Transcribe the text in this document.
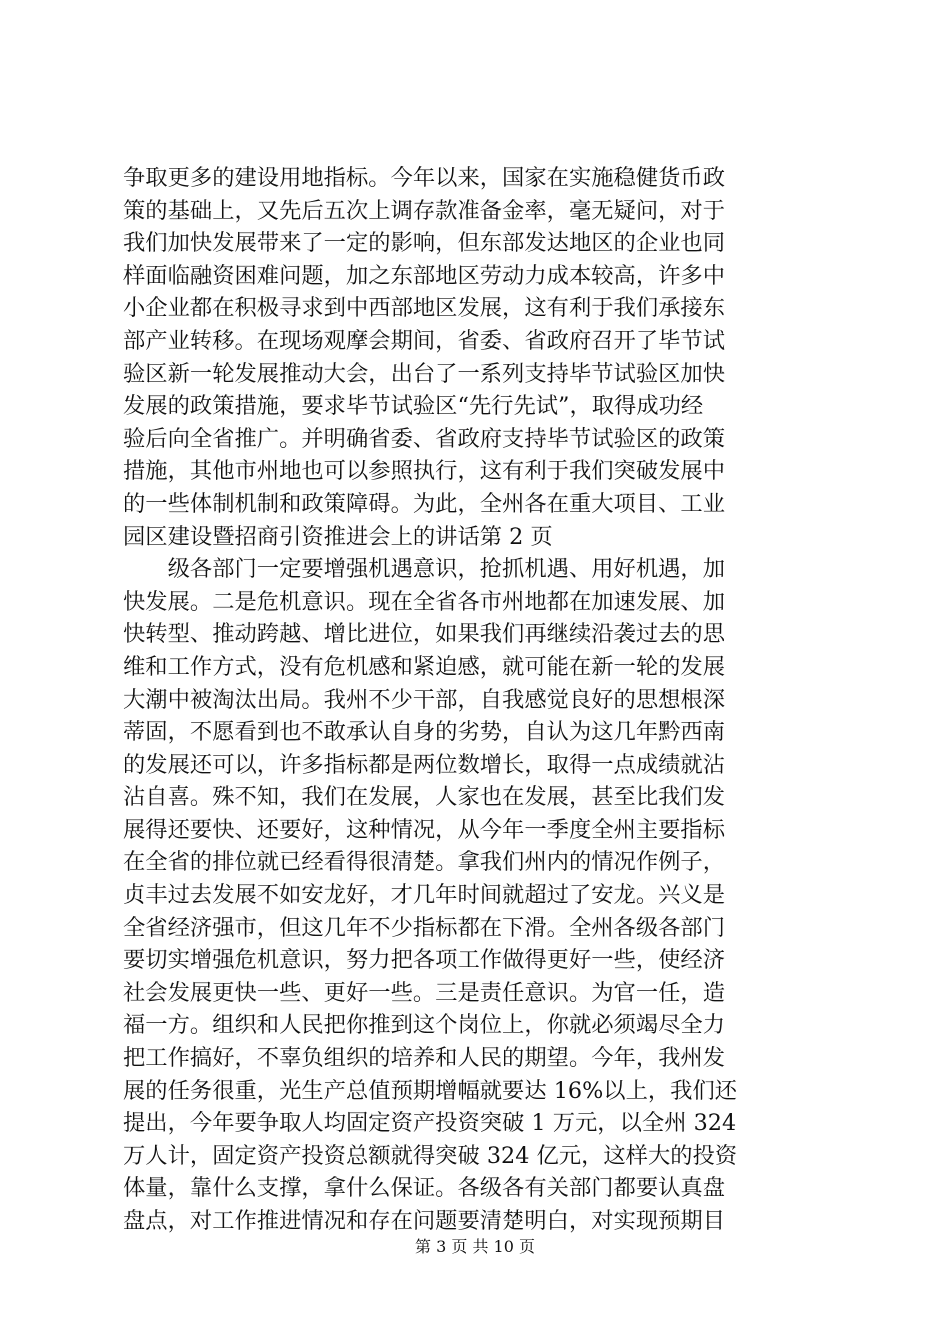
争取更多的建设用地指标。今年以来，国家在实施稳健货币政
策的基础上，又先后五次上调存款准备金率，毫无疑问，对于
我们加快发展带来了一定的影响，但东部发达地区的企业也同
样面临融资困难问题，加之东部地区劳动力成本较高，许多中
小企业都在积极寻求到中西部地区发展，这有利于我们承接东
部产业转移。在现场观摩会期间，省委、省政府召开了毕节试
验区新一轮发展推动大会，出台了一系列支持毕节试验区加快
发展的政策措施，要求毕节试验区“先行先试”，取得成功经
验后向全省推广。并明确省委、省政府支持毕节试验区的政策
措施，其他市州地也可以参照执行，这有利于我们突破发展中
的一些体制机制和政策障碍。为此，全州各在重大项目、工业
园区建设暨招商引资推进会上的讲话第 2 页
　　级各部门一定要增强机遇意识，抢抓机遇、用好机遇，加
快发展。二是危机意识。现在全省各市州地都在加速发展、加
快转型、推动跨越、增比进位，如果我们再继续沿袭过去的思
维和工作方式，没有危机感和紧迫感，就可能在新一轮的发展
大潮中被淘汰出局。我州不少干部，自我感觉良好的思想根深
蒂固，不愿看到也不敢承认自身的劣势，自认为这几年黔西南
的发展还可以，许多指标都是两位数增长，取得一点成绩就沾
沾自喜。殊不知，我们在发展，人家也在发展，甚至比我们发
展得还要快、还要好，这种情况，从今年一季度全州主要指标
在全省的排位就已经看得很清楚。拿我们州内的情况作例子，
贞丰过去发展不如安龙好，才几年时间就超过了安龙。兴义是
全省经济强市，但这几年不少指标都在下滑。全州各级各部门
要切实增强危机意识，努力把各项工作做得更好一些，使经济
社会发展更快一些、更好一些。三是责任意识。为官一任，造
福一方。组织和人民把你推到这个岗位上，你就必须竭尽全力
把工作搞好，不辜负组织的培养和人民的期望。今年，我州发
展的任务很重，光生产总值预期增幅就要达 16%以上，我们还
提出，今年要争取人均固定资产投资突破 1 万元，以全州 324
万人计，固定资产投资总额就得突破 324 亿元，这样大的投资
体量，靠什么支撑，拿什么保证。各级各有关部门都要认真盘
盘点，对工作推进情况和存在问题要清楚明白，对实现预期目
第 3 页 共 10 页
